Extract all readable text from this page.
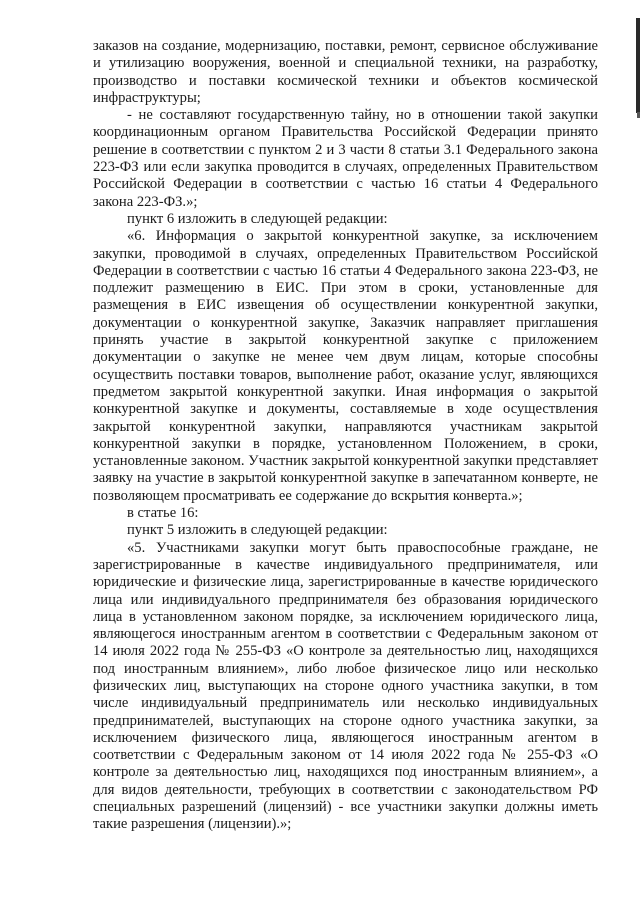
заказов на создание, модернизацию, поставки, ремонт, сервисное обслуживание и утилизацию вооружения, военной и специальной техники, на разработку, производство и поставки космической техники и объектов космической инфраструктуры;

- не составляют государственную тайну, но в отношении такой закупки координационным органом Правительства Российской Федерации принято решение в соответствии с пунктом 2 и 3 части 8 статьи 3.1 Федерального закона 223-ФЗ или если закупка проводится в случаях, определенных Правительством Российской Федерации в соответствии с частью 16 статьи 4 Федерального закона 223-ФЗ.»;

пункт 6 изложить в следующей редакции:

«6. Информация о закрытой конкурентной закупке, за исключением закупки, проводимой в случаях, определенных Правительством Российской Федерации в соответствии с частью 16 статьи 4 Федерального закона 223-ФЗ, не подлежит размещению в ЕИС. При этом в сроки, установленные для размещения в ЕИС извещения об осуществлении конкурентной закупки, документации о конкурентной закупке, Заказчик направляет приглашения принять участие в закрытой конкурентной закупке с приложением документации о закупке не менее чем двум лицам, которые способны осуществить поставки товаров, выполнение работ, оказание услуг, являющихся предметом закрытой конкурентной закупки. Иная информация о закрытой конкурентной закупке и документы, составляемые в ходе осуществления закрытой конкурентной закупки, направляются участникам закрытой конкурентной закупки в порядке, установленном Положением, в сроки, установленные законом. Участник закрытой конкурентной закупки представляет заявку на участие в закрытой конкурентной закупке в запечатанном конверте, не позволяющем просматривать ее содержание до вскрытия конверта.»;

в статье 16:

пункт 5 изложить в следующей редакции:

«5. Участниками закупки могут быть правоспособные граждане, не зарегистрированные в качестве индивидуального предпринимателя, или юридические и физические лица, зарегистрированные в качестве юридического лица или индивидуального предпринимателя без образования юридического лица в установленном законом порядке, за исключением юридического лица, являющегося иностранным агентом в соответствии с Федеральным законом от 14 июля 2022 года № 255-ФЗ «О контроле за деятельностью лиц, находящихся под иностранным влиянием», либо любое физическое лицо или несколько физических лиц, выступающих на стороне одного участника закупки, в том числе индивидуальный предприниматель или несколько индивидуальных предпринимателей, выступающих на стороне одного участника закупки, за исключением физического лица, являющегося иностранным агентом в соответствии с Федеральным законом от 14 июля 2022 года № 255-ФЗ «О контроле за деятельностью лиц, находящихся под иностранным влиянием», а для видов деятельности, требующих в соответствии с законодательством РФ специальных разрешений (лицензий) - все участники закупки должны иметь такие разрешения (лицензии).»;
